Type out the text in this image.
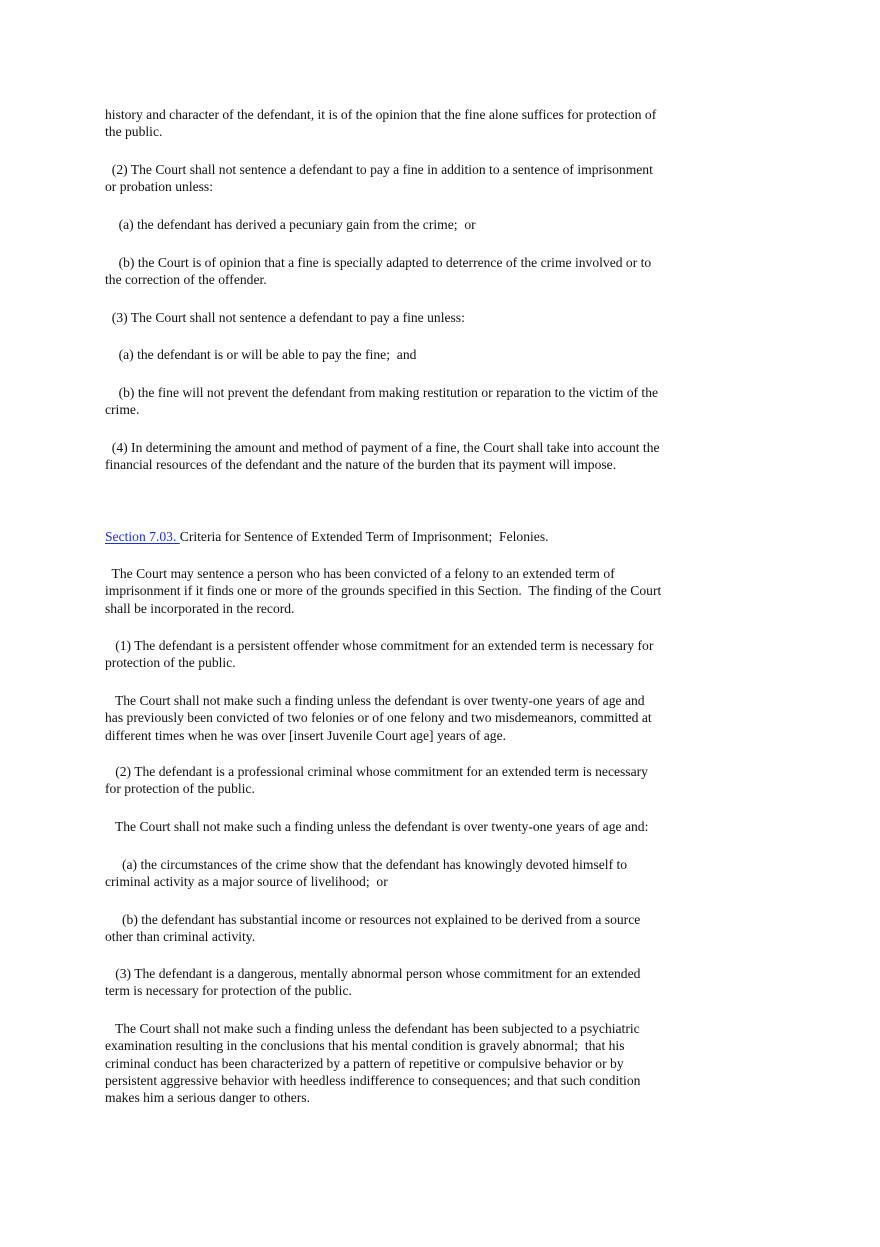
history and character of the defendant, it is of the opinion that the fine alone suffices for protection of
the public.

(2) The Court shall not sentence a defendant to pay a fine in addition to a sentence of imprisonment
or probation unless:

(a) the defendant has derived a pecuniary gain from the crime;  or

(b) the Court is of opinion that a fine is specially adapted to deterrence of the crime involved or to
the correction of the offender.

(3) The Court shall not sentence a defendant to pay a fine unless:

(a) the defendant is or will be able to pay the fine;  and

(b) the fine will not prevent the defendant from making restitution or reparation to the victim of the
crime.

(4) In determining the amount and method of payment of a fine, the Court shall take into account the
financial resources of the defendant and the nature of the burden that its payment will impose.

Section 7.03. Criteria for Sentence of Extended Term of Imprisonment;  Felonies.

The Court may sentence a person who has been convicted of a felony to an extended term of
imprisonment if it finds one or more of the grounds specified in this Section.  The finding of the Court
shall be incorporated in the record.

(1) The defendant is a persistent offender whose commitment for an extended term is necessary for
protection of the public.

The Court shall not make such a finding unless the defendant is over twenty-one years of age and
has previously been convicted of two felonies or of one felony and two misdemeanors, committed at
different times when he was over [insert Juvenile Court age] years of age.

(2) The defendant is a professional criminal whose commitment for an extended term is necessary
for protection of the public.

The Court shall not make such a finding unless the defendant is over twenty-one years of age and:

(a) the circumstances of the crime show that the defendant has knowingly devoted himself to
criminal activity as a major source of livelihood;  or

(b) the defendant has substantial income or resources not explained to be derived from a source
other than criminal activity.

(3) The defendant is a dangerous, mentally abnormal person whose commitment for an extended
term is necessary for protection of the public.

The Court shall not make such a finding unless the defendant has been subjected to a psychiatric
examination resulting in the conclusions that his mental condition is gravely abnormal;  that his
criminal conduct has been characterized by a pattern of repetitive or compulsive behavior or by
persistent aggressive behavior with heedless indifference to consequences; and that such condition
makes him a serious danger to others.
